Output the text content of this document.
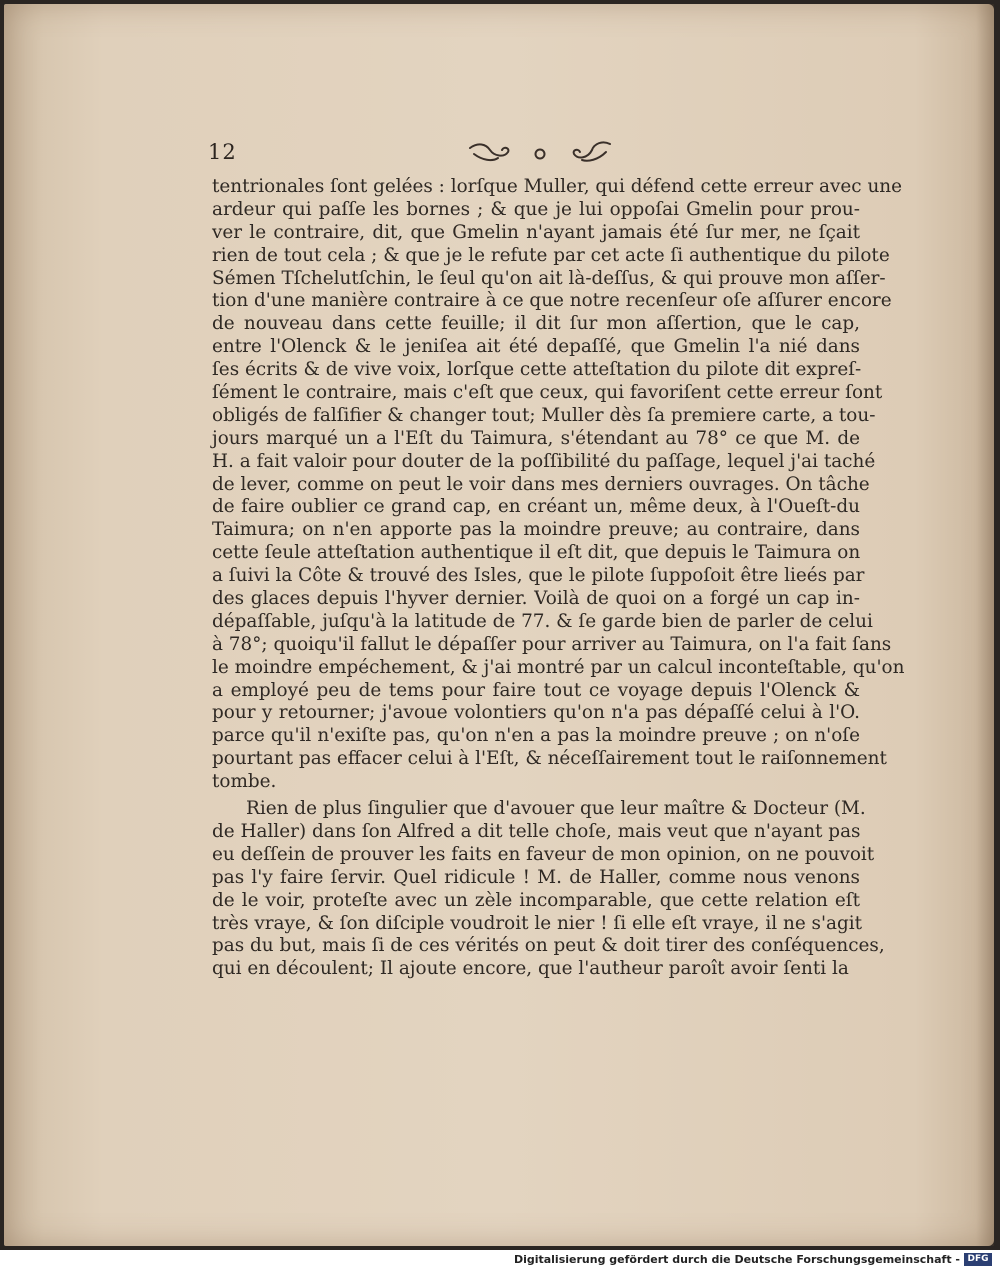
12
tentrionales ſont gelées : lorſque Muller, qui défend cette erreur avec une
ardeur qui paſſe les bornes ; & que je lui oppoſai Gmelin pour prou-
ver le contraire, dit, que Gmelin n'ayant jamais été ſur mer, ne ſçait
rien de tout cela ; & que je le refute par cet acte ſi authentique du pilote
Sémen Tſchelutſchin, le ſeul qu'on ait là-deſſus, & qui prouve mon aſſer-
tion d'une manière contraire à ce que notre recenſeur oſe aſſurer encore
de nouveau dans cette feuille; il dit ſur mon aſſertion, que le cap,
entre l'Olenck & le jeniſea ait été depaſſé, que Gmelin l'a nié dans
ſes écrits & de vive voix, lorſque cette atteſtation du pilote dit expreſ-
ſément le contraire, mais c'eſt que ceux, qui favoriſent cette erreur ſont
obligés de falſifier & changer tout; Muller dès ſa premiere carte, a tou-
jours marqué un a l'Eſt du Taimura, s'étendant au 78° ce que M. de
H. a fait valoir pour douter de la poſſibilité du paſſage, lequel j'ai taché
de lever, comme on peut le voir dans mes derniers ouvrages. On tâche
de faire oublier ce grand cap, en créant un, même deux, à l'Oueſt-du
Taimura; on n'en apporte pas la moindre preuve; au contraire, dans
cette ſeule atteſtation authentique il eſt dit, que depuis le Taimura on
a ſuivi la Côte & trouvé des Isles, que le pilote ſuppoſoit être lieés par
des glaces depuis l'hyver dernier. Voilà de quoi on a forgé un cap in-
dépaſſable, juſqu'à la latitude de 77. & ſe garde bien de parler de celui
à 78°; quoiqu'il fallut le dépaſſer pour arriver au Taimura, on l'a fait ſans
le moindre empéchement, & j'ai montré par un calcul inconteſtable, qu'on
a employé peu de tems pour faire tout ce voyage depuis l'Olenck &
pour y retourner; j'avoue volontiers qu'on n'a pas dépaſſé celui à l'O.
parce qu'il n'exiſte pas, qu'on n'en a pas la moindre preuve ; on n'oſe
pourtant pas effacer celui à l'Eſt, & néceſſairement tout le raiſonnement
tombe.
Rien de plus ſingulier que d'avouer que leur maître & Docteur (M.
de Haller) dans ſon Alfred a dit telle choſe, mais veut que n'ayant pas
eu deſſein de prouver les faits en faveur de mon opinion, on ne pouvoit
pas l'y faire ſervir. Quel ridicule ! M. de Haller, comme nous venons
de le voir, proteſte avec un zèle incomparable, que cette relation eſt
très vraye, & ſon diſciple voudroit le nier ! ſi elle eſt vraye, il ne s'agit
pas du but, mais ſi de ces vérités on peut & doit tirer des conſéquences,
qui en découlent; Il ajoute encore, que l'autheur paroît avoir ſenti la
Digitalisierung gefördert durch die Deutsche Forschungsgemeinschaft - DFG
